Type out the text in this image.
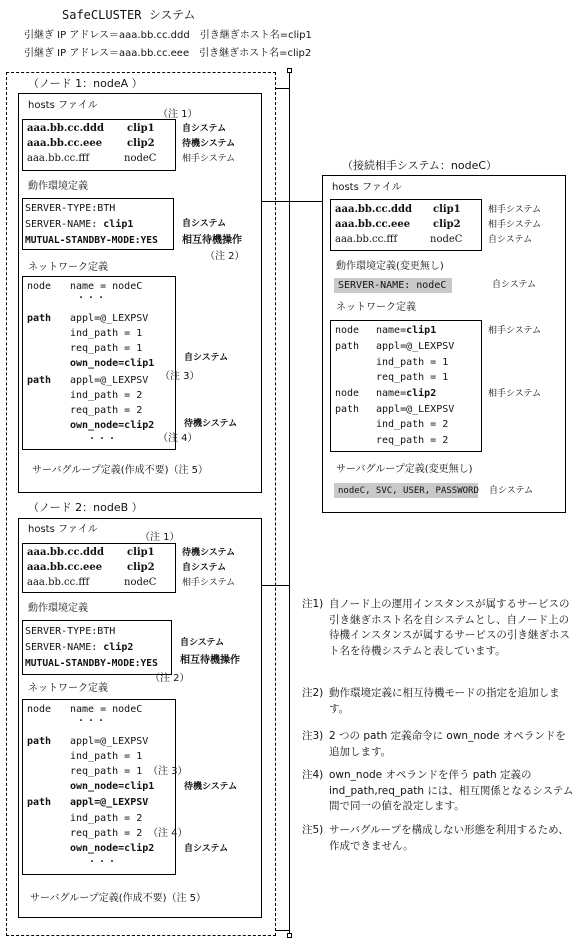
SafeCLUSTER システム
引継ぎ IP アドレス＝aaa.bb.cc.ddd　引き継ぎホスト名=clip1
引継ぎ IP アドレス＝aaa.bb.cc.eee　引き継ぎホスト名=clip2
（ノード 1：nodeA ）
hosts ファイル
（注 1）
aaa.bb.cc.ddd clip1	自システム
aaa.bb.cc.eee clip2	待機システム
aaa.bb.cc.fff	nodeC	相手システム
動作環境定義
SERVER-TYPE:BTH
SERVER-NAME: clip1
MUTUAL-STANDBY-MODE:YES
自システム
相互待機操作
（注 2）
ネットワーク定義
node name = nodeC
・・・
path appl=@_LEXPSV
ind_path = 1
req_path = 1
own_node=clip1	自システム
path appl=@_LEXPSV （注 3）
ind_path = 2
req_path = 2
own_node=clip2	待機システム
（注 4）
・・・
サーバグループ定義(作成不要)（注 5）
（ノード 2：nodeB ）
hosts ファイル
（注 1）
aaa.bb.cc.ddd clip1	待機システム
aaa.bb.cc.eee clip2	自システム
aaa.bb.cc.fff	nodeC	相手システム
動作環境定義
SERVER-TYPE:BTH
SERVER-NAME: clip2
MUTUAL-STANDBY-MODE:YES
自システム
相互待機操作
（注 2）
ネットワーク定義
node name = nodeC
・・・
path appl=@_LEXPSV
ind_path = 1
req_path = 1 （注 3）
own_node=clip1	待機システム
path appl=@_LEXPSV
ind_path = 2
req_path = 2 （注 4）
own_node=clip2	自システム
・・・
サーバグループ定義(作成不要)（注 5）
（接続相手システム：nodeC）
hosts ファイル
aaa.bb.cc.ddd clip1	相手システム
aaa.bb.cc.eee clip2	相手システム
aaa.bb.cc.fff	nodeC	自システム
動作環境定義(変更無し)
SERVER-NAME: nodeC	自システム
ネットワーク定義
node name=clip1	相手システム
path appl=@_LEXPSV
ind_path = 1
req_path = 1
node name=clip2	相手システム
path appl=@_LEXPSV
ind_path = 2
req_path = 2
サーバグループ定義(変更無し)
nodeC, SVC, USER, PASSWORD 自システム
注1) 自ノード上の運用インスタンスが属するサービスの引き継ぎホスト名を自システムとし、自ノード上の待機インスタンスが属するサービスの引き継ぎホスト名を待機システムと表しています。
注2) 動作環境定義に相互待機モードの指定を追加します。
注3) 2 つの path 定義命令に own_node オペランドを追加します。
注4) own_node オペランドを伴う path 定義の ind_path,req_path には、相互関係となるシステム間で同一の値を設定します。
注5) サーバグループを構成しない形態を利用するため、作成できません。
